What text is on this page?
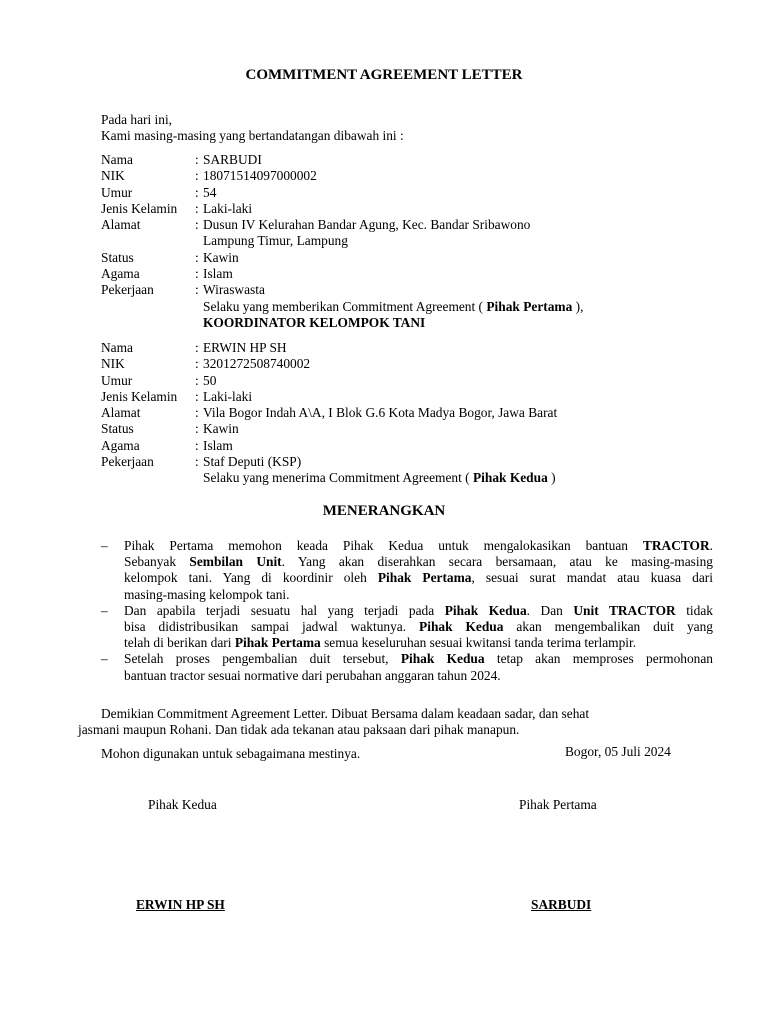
COMMITMENT AGREEMENT LETTER
Pada hari ini,
Kami masing-masing yang bertandatangan dibawah ini :
Nama	: SARBUDI
NIK	: 18071514097000002
Umur	: 54
Jenis Kelamin	: Laki-laki
Alamat	: Dusun IV Kelurahan Bandar Agung, Kec. Bandar Sribawono
Lampung Timur, Lampung
Status	: Kawin
Agama	: Islam
Pekerjaan	: Wiraswasta
Selaku yang memberikan Commitment Agreement ( Pihak Pertama ),
KOORDINATOR KELOMPOK TANI
Nama	: ERWIN HP SH
NIK	: 3201272508740002
Umur	: 50
Jenis Kelamin	: Laki-laki
Alamat	: Vila Bogor Indah A\A, I Blok G.6 Kota Madya Bogor, Jawa Barat
Status	: Kawin
Agama	: Islam
Pekerjaan	: Staf Deputi (KSP)
Selaku yang menerima Commitment Agreement ( Pihak Kedua )
MENERANGKAN
–	Pihak Pertama memohon keada Pihak Kedua untuk mengalokasikan bantuan TRACTOR.
Sebanyak Sembilan Unit. Yang akan diserahkan secara bersamaan, atau ke masing-masing
kelompok tani. Yang di koordinir oleh Pihak Pertama, sesuai surat mandat atau kuasa dari
masing-masing kelompok tani.
–	Dan apabila terjadi sesuatu hal yang terjadi pada Pihak Kedua. Dan Unit TRACTOR tidak
bisa didistribusikan sampai jadwal waktunya. Pihak Kedua akan mengembalikan duit yang
telah di berikan dari Pihak Pertama semua keseluruhan sesuai kwitansi tanda terima terlampir.
–	Setelah proses pengembalian duit tersebut, Pihak Kedua tetap akan memproses permohonan
bantuan tractor sesuai normative dari perubahan anggaran tahun 2024.
Demikian Commitment Agreement Letter. Dibuat Bersama dalam keadaan sadar, dan sehat
jasmani maupun Rohani. Dan tidak ada tekanan atau paksaan dari pihak manapun.
Mohon digunakan untuk sebagaimana mestinya.	Bogor, 05 Juli 2024
Pihak Kedua	Pihak Pertama
ERWIN HP SH	SARBUDI
